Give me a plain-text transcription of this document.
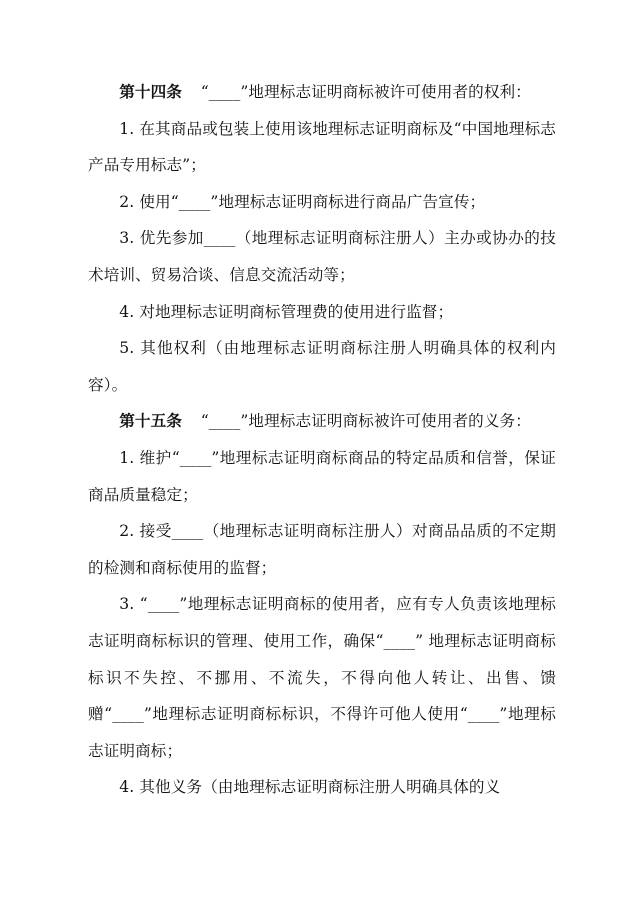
第十四条 “____”地理标志证明商标被许可使用者的权利：

1. 在其商品或包装上使用该地理标志证明商标及“中国地理标志产品专用标志”；

2. 使用“____”地理标志证明商标进行商品广告宣传；

3. 优先参加____（地理标志证明商标注册人）主办或协办的技术培训、贸易洽谈、信息交流活动等；

4. 对地理标志证明商标管理费的使用进行监督；

5. 其他权利（由地理标志证明商标注册人明确具体的权利内容）。

第十五条 “____”地理标志证明商标被许可使用者的义务：

1. 维护“____”地理标志证明商标商品的特定品质和信誉，保证商品质量稳定；

2. 接受____（地理标志证明商标注册人）对商品品质的不定期的检测和商标使用的监督；

3. “____”地理标志证明商标的使用者，应有专人负责该地理标志证明商标标识的管理、使用工作，确保“____” 地理标志证明商标标识不失控、不挪用、不流失，不得向他人转让、出售、馈赠“____”地理标志证明商标标识，不得许可他人使用“____”地理标志证明商标；

4. 其他义务（由地理标志证明商标注册人明确具体的义
